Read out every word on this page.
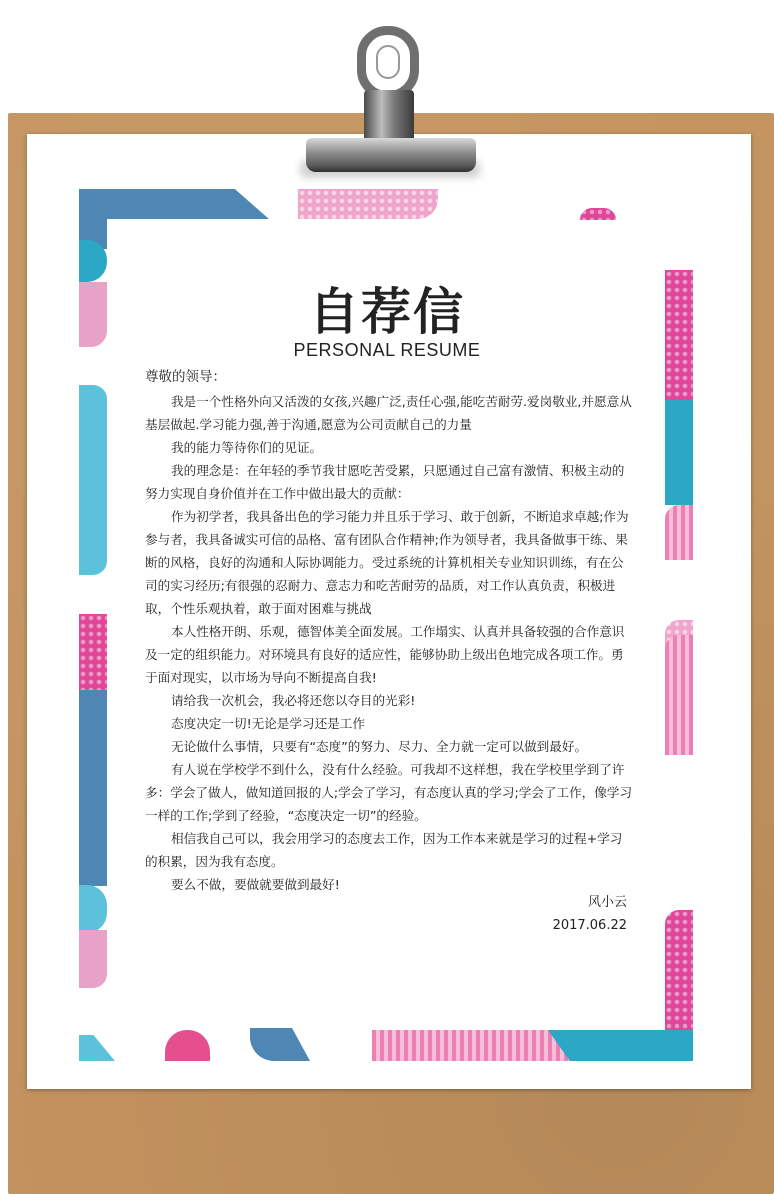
自荐信
PERSONAL RESUME

尊敬的领导：

我是一个性格外向又活泼的女孩,兴趣广泛,责任心强,能吃苦耐劳.爱岗敬业,并愿意从基层做起.学习能力强,善于沟通,愿意为公司贡献自己的力量

我的能力等待你们的见证。

我的理念是：在年轻的季节我甘愿吃苦受累，只愿通过自己富有激情、积极主动的努力实现自身价值并在工作中做出最大的贡献：

作为初学者，我具备出色的学习能力并且乐于学习、敢于创新，不断追求卓越;作为参与者，我具备诚实可信的品格、富有团队合作精神;作为领导者，我具备做事干练、果断的风格，良好的沟通和人际协调能力。受过系统的计算机相关专业知识训练，有在公司的实习经历;有很强的忍耐力、意志力和吃苦耐劳的品质，对工作认真负责，积极进取，个性乐观执着，敢于面对困难与挑战

本人性格开朗、乐观，德智体美全面发展。工作塌实、认真并具备较强的合作意识及一定的组织能力。对环境具有良好的适应性，能够协助上级出色地完成各项工作。勇于面对现实，以市场为导向不断提高自我!

请给我一次机会，我必将还您以夺目的光彩!

态度决定一切!无论是学习还是工作

无论做什么事情，只要有“态度”的努力、尽力、全力就一定可以做到最好。

有人说在学校学不到什么，没有什么经验。可我却不这样想，我在学校里学到了许多：学会了做人，做知道回报的人;学会了学习，有态度认真的学习;学会了工作，像学习一样的工作;学到了经验，“态度决定一切”的经验。

相信我自己可以，我会用学习的态度去工作，因为工作本来就是学习的过程+学习的积累，因为我有态度。

要么不做，要做就要做到最好!

风小云
2017.06.22
